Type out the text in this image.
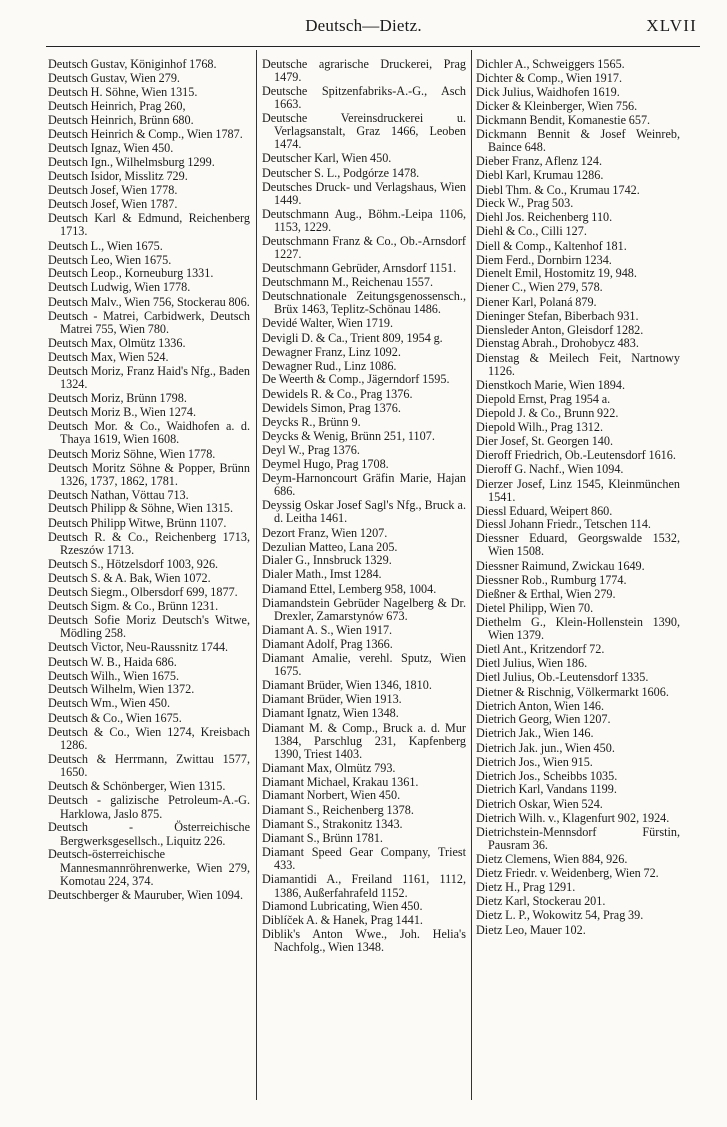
Deutsch—Dietz.	XLVII
Deutsch Gustav, Königinhof 1768.
Deutsch Gustav, Wien 279.
Deutsch H. Söhne, Wien 1315.
Deutsch Heinrich, Prag 260,
Deutsch Heinrich, Brünn 680.
Deutsch Heinrich & Comp., Wien 1787.
Deutsch Ignaz, Wien 450.
Deutsch Ign., Wilhelmsburg 1299.
Deutsch Isidor, Misslitz 729.
Deutsch Josef, Wien 1778.
Deutsch Josef, Wien 1787.
Deutsch Karl & Edmund, Reichenberg 1713.
Deutsch L., Wien 1675.
Deutsch Leo, Wien 1675.
Deutsch Leop., Korneuburg 1331.
Deutsch Ludwig, Wien 1778.
Deutsch Malv., Wien 756, Stockerau 806.
Deutsch - Matrei, Carbidwerk, Deutsch Matrei 755, Wien 780.
Deutsch Max, Olmütz 1336.
Deutsch Max, Wien 524.
Deutsch Moriz, Franz Haid's Nfg., Baden 1324.
Deutsch Moriz, Brünn 1798.
Deutsch Moriz B., Wien 1274.
Deutsch Mor. & Co., Waidhofen a. d. Thaya 1619, Wien 1608.
Deutsch Moriz Söhne, Wien 1778.
Deutsch Moritz Söhne & Popper, Brünn 1326, 1737, 1862, 1781.
Deutsch Nathan, Vöttau 713.
Deutsch Philipp & Söhne, Wien 1315.
Deutsch Philipp Witwe, Brünn 1107.
Deutsch R. & Co., Reichenberg 1713, Rzeszów 1713.
Deutsch S., Hötzelsdorf 1003, 926.
Deutsch S. & A. Bak, Wien 1072.
Deutsch Siegm., Olbersdorf 699, 1877.
Deutsch Sigm. & Co., Brünn 1231.
Deutsch Sofie Moriz Deutsch's Witwe, Mödling 258.
Deutsch Victor, Neu-Raussnitz 1744.
Deutsch W. B., Haida 686.
Deutsch Wilh., Wien 1675.
Deutsch Wilhelm, Wien 1372.
Deutsch Wm., Wien 450.
Deutsch & Co., Wien 1675.
Deutsch & Co., Wien 1274, Kreisbach 1286.
Deutsch & Herrmann, Zwittau 1577, 1650.
Deutsch & Schönberger, Wien 1315.
Deutsch - galizische Petroleum-A.-G. Harklowa, Jaslo 875.
Deutsch - Österreichische Bergwerksgesellsch., Liquitz 226.
Deutsch-österreichische Mannesmannröhrenwerke, Wien 279, Komotau 224, 374.
Deutschberger & Mauruber, Wien 1094.
Deutsche agrarische Druckerei, Prag 1479.
Deutsche Spitzenfabriks-A.-G., Asch 1663.
Deutsche Vereinsdruckerei u. Verlagsanstalt, Graz 1466, Leoben 1474.
Deutscher Karl, Wien 450.
Deutscher S. L., Podgórze 1478.
Deutsches Druck- und Verlagshaus, Wien 1449.
Deutschmann Aug., Böhm.-Leipa 1106, 1153, 1229.
Deutschmann Franz & Co., Ob.-Arnsdorf 1227.
Deutschmann Gebrüder, Arnsdorf 1151.
Deutschmann M., Reichenau 1557.
Deutschnationale Zeitungsgenossensch., Brüx 1463, Teplitz-Schönau 1486.
Devidé Walter, Wien 1719.
Devigli D. & Ca., Trient 809, 1954 g.
Dewagner Franz, Linz 1092.
Dewagner Rud., Linz 1086.
De Weerth & Comp., Jägerndorf 1595.
Dewidels R. & Co., Prag 1376.
Dewidels Simon, Prag 1376.
Deycks R., Brünn 9.
Deycks & Wenig, Brünn 251, 1107.
Deyl W., Prag 1376.
Deymel Hugo, Prag 1708.
Deym-Harnoncourt Gräfin Marie, Hajan 686.
Deyssig Oskar Josef Sagl's Nfg., Bruck a. d. Leitha 1461.
Dezort Franz, Wien 1207.
Dezulian Matteo, Lana 205.
Dialer G., Innsbruck 1329.
Dialer Math., Imst 1284.
Diamand Ettel, Lemberg 958, 1004.
Diamandstein Gebrüder Nagelberg & Dr. Drexler, Zamarstynów 673.
Diamant A. S., Wien 1917.
Diamant Adolf, Prag 1366.
Diamant Amalie, verehl. Sputz, Wien 1675.
Diamant Brüder, Wien 1346, 1810.
Diamant Brüder, Wien 1913.
Diamant Ignatz, Wien 1348.
Diamant M. & Comp., Bruck a. d. Mur 1384, Parschlug 231, Kapfenberg 1390, Triest 1403.
Diamant Max, Olmütz 793.
Diamant Michael, Krakau 1361.
Diamant Norbert, Wien 450.
Diamant S., Reichenberg 1378.
Diamant S., Strakonitz 1343.
Diamant S., Brünn 1781.
Diamant Speed Gear Company, Triest 433.
Diamantidi A., Freiland 1161, 1112, 1386, Außerfahrafeld 1152.
Diamond Lubricating, Wien 450.
Diblíček A. & Hanek, Prag 1441.
Diblik's Anton Wwe., Joh. Helia's Nachfolg., Wien 1348.
Dichler A., Schweiggers 1565.
Dichter & Comp., Wien 1917.
Dick Julius, Waidhofen 1619.
Dicker & Kleinberger, Wien 756.
Dickmann Bendit, Komanestie 657.
Dickmann Bennit & Josef Weinreb, Baince 648.
Dieber Franz, Aflenz 124.
Diebl Karl, Krumau 1286.
Diebl Thm. & Co., Krumau 1742.
Dieck W., Prag 503.
Diehl Jos. Reichenberg 110.
Diehl & Co., Cilli 127.
Diell & Comp., Kaltenhof 181.
Diem Ferd., Dornbirn 1234.
Dienelt Emil, Hostomitz 19, 948.
Diener C., Wien 279, 578.
Diener Karl, Polaná 879.
Dieninger Stefan, Biberbach 931.
Diensleder Anton, Gleisdorf 1282.
Dienstag Abrah., Drohobycz 483.
Dienstag & Meilech Feit, Nartnowy 1126.
Dienstkoch Marie, Wien 1894.
Diepold Ernst, Prag 1954 a.
Diepold J. & Co., Brunn 922.
Diepold Wilh., Prag 1312.
Dier Josef, St. Georgen 140.
Dieroff Friedrich, Ob.-Leutensdorf 1616.
Dieroff G. Nachf., Wien 1094.
Dierzer Josef, Linz 1545, Kleinmünchen 1541.
Diessl Eduard, Weipert 860.
Diessl Johann Friedr., Tetschen 114.
Diessner Eduard, Georgswalde 1532, Wien 1508.
Diessner Raimund, Zwickau 1649.
Diessner Rob., Rumburg 1774.
Dießner & Erthal, Wien 279.
Dietel Philipp, Wien 70.
Diethelm G., Klein-Hollenstein 1390, Wien 1379.
Dietl Ant., Kritzendorf 72.
Dietl Julius, Wien 186.
Dietl Julius, Ob.-Leutensdorf 1335.
Dietner & Rischnig, Völkermarkt 1606.
Dietrich Anton, Wien 146.
Dietrich Georg, Wien 1207.
Dietrich Jak., Wien 146.
Dietrich Jak. jun., Wien 450.
Dietrich Jos., Wien 915.
Dietrich Jos., Scheibbs 1035.
Dietrich Karl, Vandans 1199.
Dietrich Oskar, Wien 524.
Dietrich Wilh. v., Klagenfurt 902, 1924.
Dietrichstein-Mennsdorf Fürstin, Pausram 36.
Dietz Clemens, Wien 884, 926.
Dietz Friedr. v. Weidenberg, Wien 72.
Dietz H., Prag 1291.
Dietz Karl, Stockerau 201.
Dietz L. P., Wokowitz 54, Prag 39.
Dietz Leo, Mauer 102.
